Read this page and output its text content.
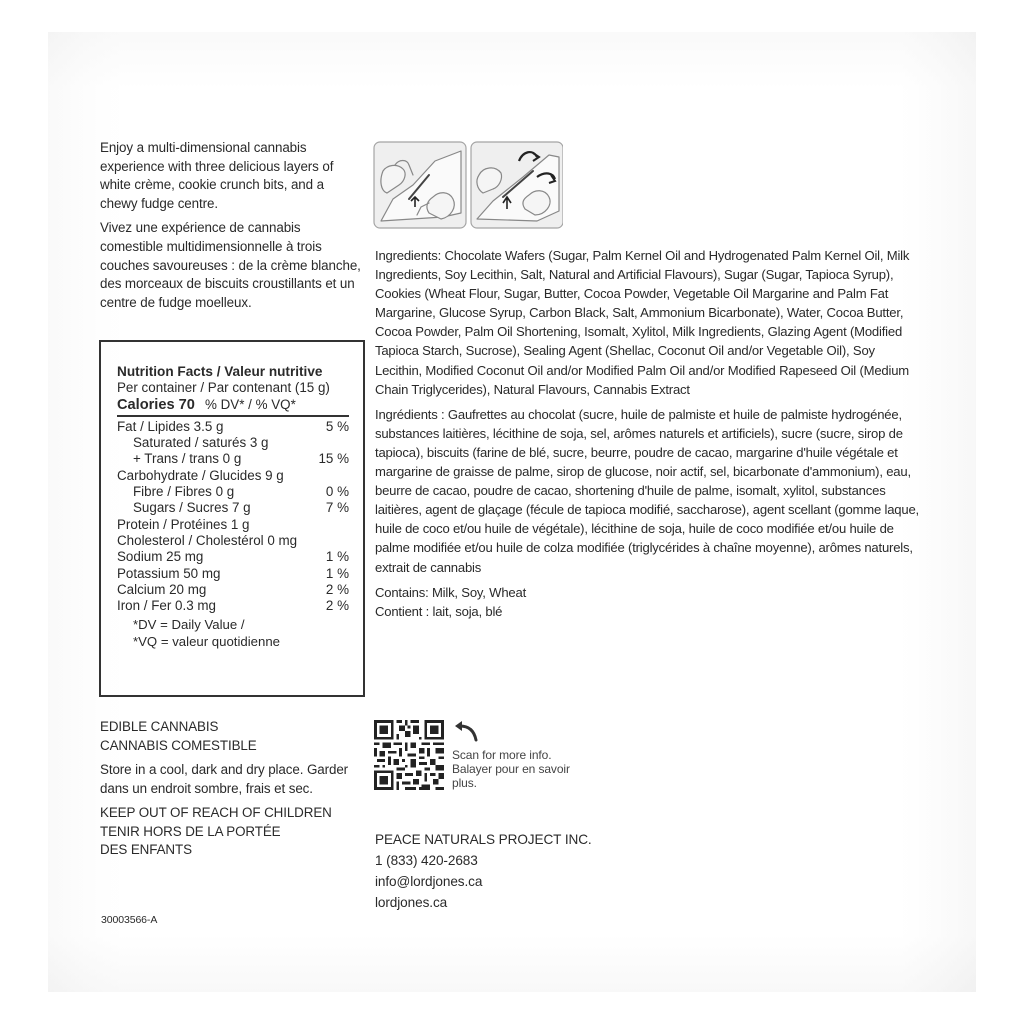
Enjoy a multi-dimensional cannabis experience with three delicious layers of white crème, cookie crunch bits, and a chewy fudge centre.

Vivez une expérience de cannabis comestible multidimensionnelle à trois couches savoureuses : de la crème blanche, des morceaux de biscuits croustillants et un centre de fudge moelleux.

Nutrition Facts / Valeur nutritive
Per container / Par contenant (15 g)
Calories 70 % DV* / % VQ*
Fat / Lipides 3.5 g	5 %
Saturated / saturés 3 g
+ Trans / trans 0 g	15 %
Carbohydrate / Glucides 9 g
Fibre / Fibres 0 g	0 %
Sugars / Sucres 7 g	7 %
Protein / Protéines 1 g
Cholesterol / Cholestérol 0 mg
Sodium 25 mg	1 %
Potassium 50 mg	1 %
Calcium 20 mg	2 %
Iron / Fer 0.3 mg	2 %
*DV = Daily Value /
*VQ = valeur quotidienne

EDIBLE CANNABIS
CANNABIS COMESTIBLE

Store in a cool, dark and dry place. Garder dans un endroit sombre, frais et sec.

KEEP OUT OF REACH OF CHILDREN
TENIR HORS DE LA PORTÉE
DES ENFANTS

30003566-A

Ingredients: Chocolate Wafers (Sugar, Palm Kernel Oil and Hydrogenated Palm Kernel Oil, Milk Ingredients, Soy Lecithin, Salt, Natural and Artificial Flavours), Sugar (Sugar, Tapioca Syrup), Cookies (Wheat Flour, Sugar, Butter, Cocoa Powder, Vegetable Oil Margarine and Palm Fat Margarine, Glucose Syrup, Carbon Black, Salt, Ammonium Bicarbonate), Water, Cocoa Butter, Cocoa Powder, Palm Oil Shortening, Isomalt, Xylitol, Milk Ingredients, Glazing Agent (Modified Tapioca Starch, Sucrose), Sealing Agent (Shellac, Coconut Oil and/or Vegetable Oil), Soy Lecithin, Modified Coconut Oil and/or Modified Palm Oil and/or Modified Rapeseed Oil (Medium Chain Triglycerides), Natural Flavours, Cannabis Extract

Ingrédients : Gaufrettes au chocolat (sucre, huile de palmiste et huile de palmiste hydrogénée, substances laitières, lécithine de soja, sel, arômes naturels et artificiels), sucre (sucre, sirop de tapioca), biscuits (farine de blé, sucre, beurre, poudre de cacao, margarine d'huile végétale et margarine de graisse de palme, sirop de glucose, noir actif, sel, bicarbonate d'ammonium), eau, beurre de cacao, poudre de cacao, shortening d'huile de palme, isomalt, xylitol, substances laitières, agent de glaçage (fécule de tapioca modifié, saccharose), agent scellant (gomme laque, huile de coco et/ou huile de végétale), lécithine de soja, huile de coco modifiée et/ou huile de palme modifiée et/ou huile de colza modifiée (triglycérides à chaîne moyenne), arômes naturels, extrait de cannabis

Contains: Milk, Soy, Wheat
Contient : lait, soja, blé

Scan for more info. Balayer pour en savoir plus.
PEACE NATURALS PROJECT INC.
1 (833) 420-2683
info@lordjones.ca
lordjones.ca
